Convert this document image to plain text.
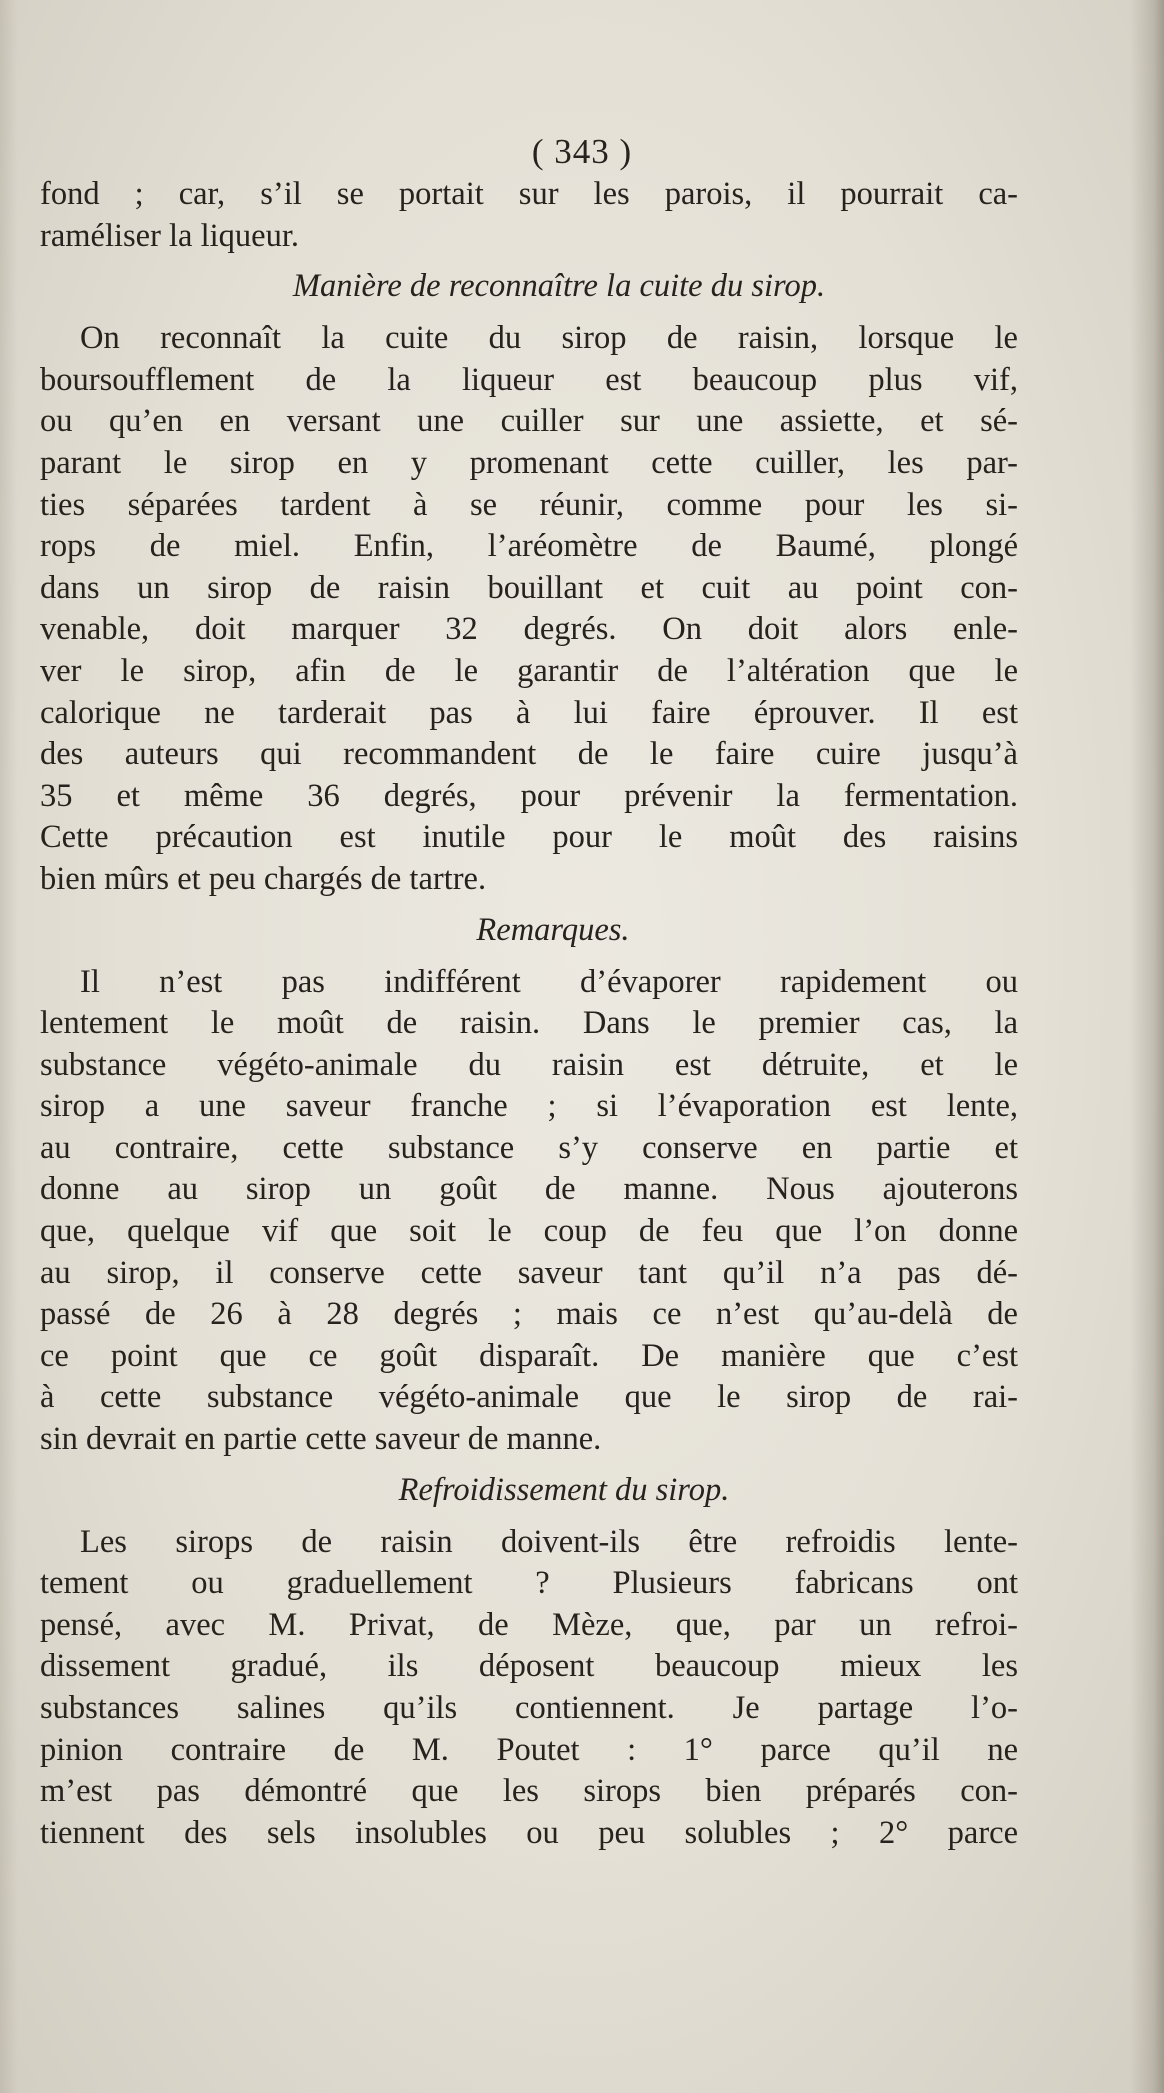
( 343 )
fond ; car, s’il se portait sur les parois, il pourrait ca-
raméliser la liqueur.
Manière de reconnaître la cuite du sirop.
On reconnaît la cuite du sirop de raisin, lorsque le
boursoufflement de la liqueur est beaucoup plus vif,
ou qu’en en versant une cuiller sur une assiette, et sé-
parant le sirop en y promenant cette cuiller, les par-
ties séparées tardent à se réunir, comme pour les si-
rops de miel. Enfin, l’aréomètre de Baumé, plongé
dans un sirop de raisin bouillant et cuit au point con-
venable, doit marquer 32 degrés. On doit alors enle-
ver le sirop, afin de le garantir de l’altération que le
calorique ne tarderait pas à lui faire éprouver. Il est
des auteurs qui recommandent de le faire cuire jusqu’à
35 et même 36 degrés, pour prévenir la fermentation.
Cette précaution est inutile pour le moût des raisins
bien mûrs et peu chargés de tartre.
Remarques.
Il n’est pas indifférent d’évaporer rapidement ou
lentement le moût de raisin. Dans le premier cas, la
substance végéto-animale du raisin est détruite, et le
sirop a une saveur franche ; si l’évaporation est lente,
au contraire, cette substance s’y conserve en partie et
donne au sirop un goût de manne. Nous ajouterons
que, quelque vif que soit le coup de feu que l’on donne
au sirop, il conserve cette saveur tant qu’il n’a pas dé-
passé de 26 à 28 degrés ; mais ce n’est qu’au-delà de
ce point que ce goût disparaît. De manière que c’est
à cette substance végéto-animale que le sirop de rai-
sin devrait en partie cette saveur de manne.
Refroidissement du sirop.
Les sirops de raisin doivent-ils être refroidis lente-
tement ou graduellement ? Plusieurs fabricans ont
pensé, avec M. Privat, de Mèze, que, par un refroi-
dissement gradué, ils déposent beaucoup mieux les
substances salines qu’ils contiennent. Je partage l’o-
pinion contraire de M. Poutet : 1° parce qu’il ne
m’est pas démontré que les sirops bien préparés con-
tiennent des sels insolubles ou peu solubles ; 2° parce
